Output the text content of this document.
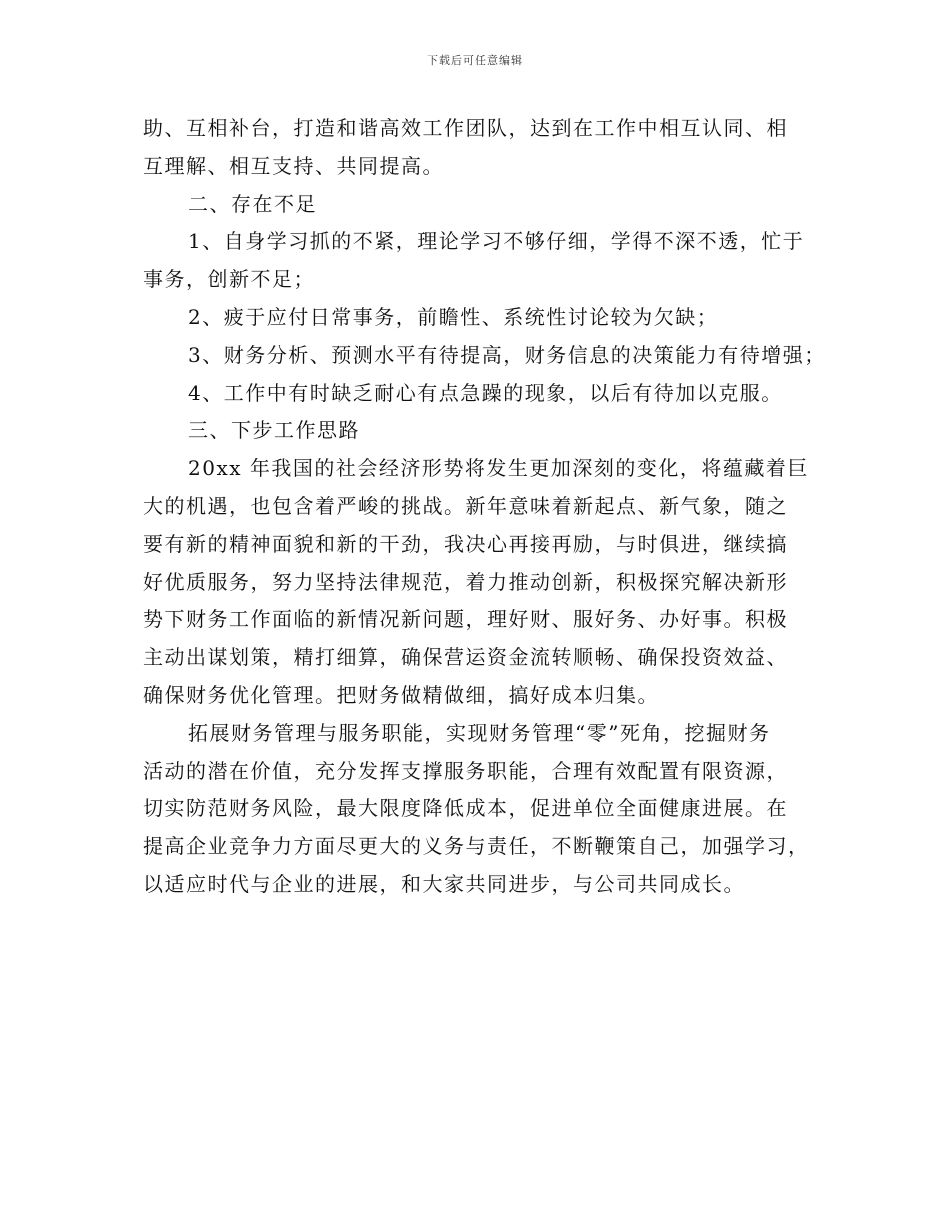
下载后可任意编辑
助、互相补台，打造和谐高效工作团队，达到在工作中相互认同、相
互理解、相互支持、共同提高。
二、存在不足
1、自身学习抓的不紧，理论学习不够仔细，学得不深不透，忙于
事务，创新不足；
2、疲于应付日常事务，前瞻性、系统性讨论较为欠缺；
3、财务分析、预测水平有待提高，财务信息的决策能力有待增强；
4、工作中有时缺乏耐心有点急躁的现象，以后有待加以克服。
三、下步工作思路
20xx 年我国的社会经济形势将发生更加深刻的变化，将蕴藏着巨
大的机遇，也包含着严峻的挑战。新年意味着新起点、新气象，随之
要有新的精神面貌和新的干劲，我决心再接再励，与时俱进，继续搞
好优质服务，努力坚持法律规范，着力推动创新，积极探究解决新形
势下财务工作面临的新情况新问题，理好财、服好务、办好事。积极
主动出谋划策，精打细算，确保营运资金流转顺畅、确保投资效益、
确保财务优化管理。把财务做精做细，搞好成本归集。
拓展财务管理与服务职能，实现财务管理“零”死角，挖掘财务
活动的潜在价值，充分发挥支撑服务职能，合理有效配置有限资源，
切实防范财务风险，最大限度降低成本，促进单位全面健康进展。在
提高企业竞争力方面尽更大的义务与责任，不断鞭策自己，加强学习，
以适应时代与企业的进展，和大家共同进步，与公司共同成长。
